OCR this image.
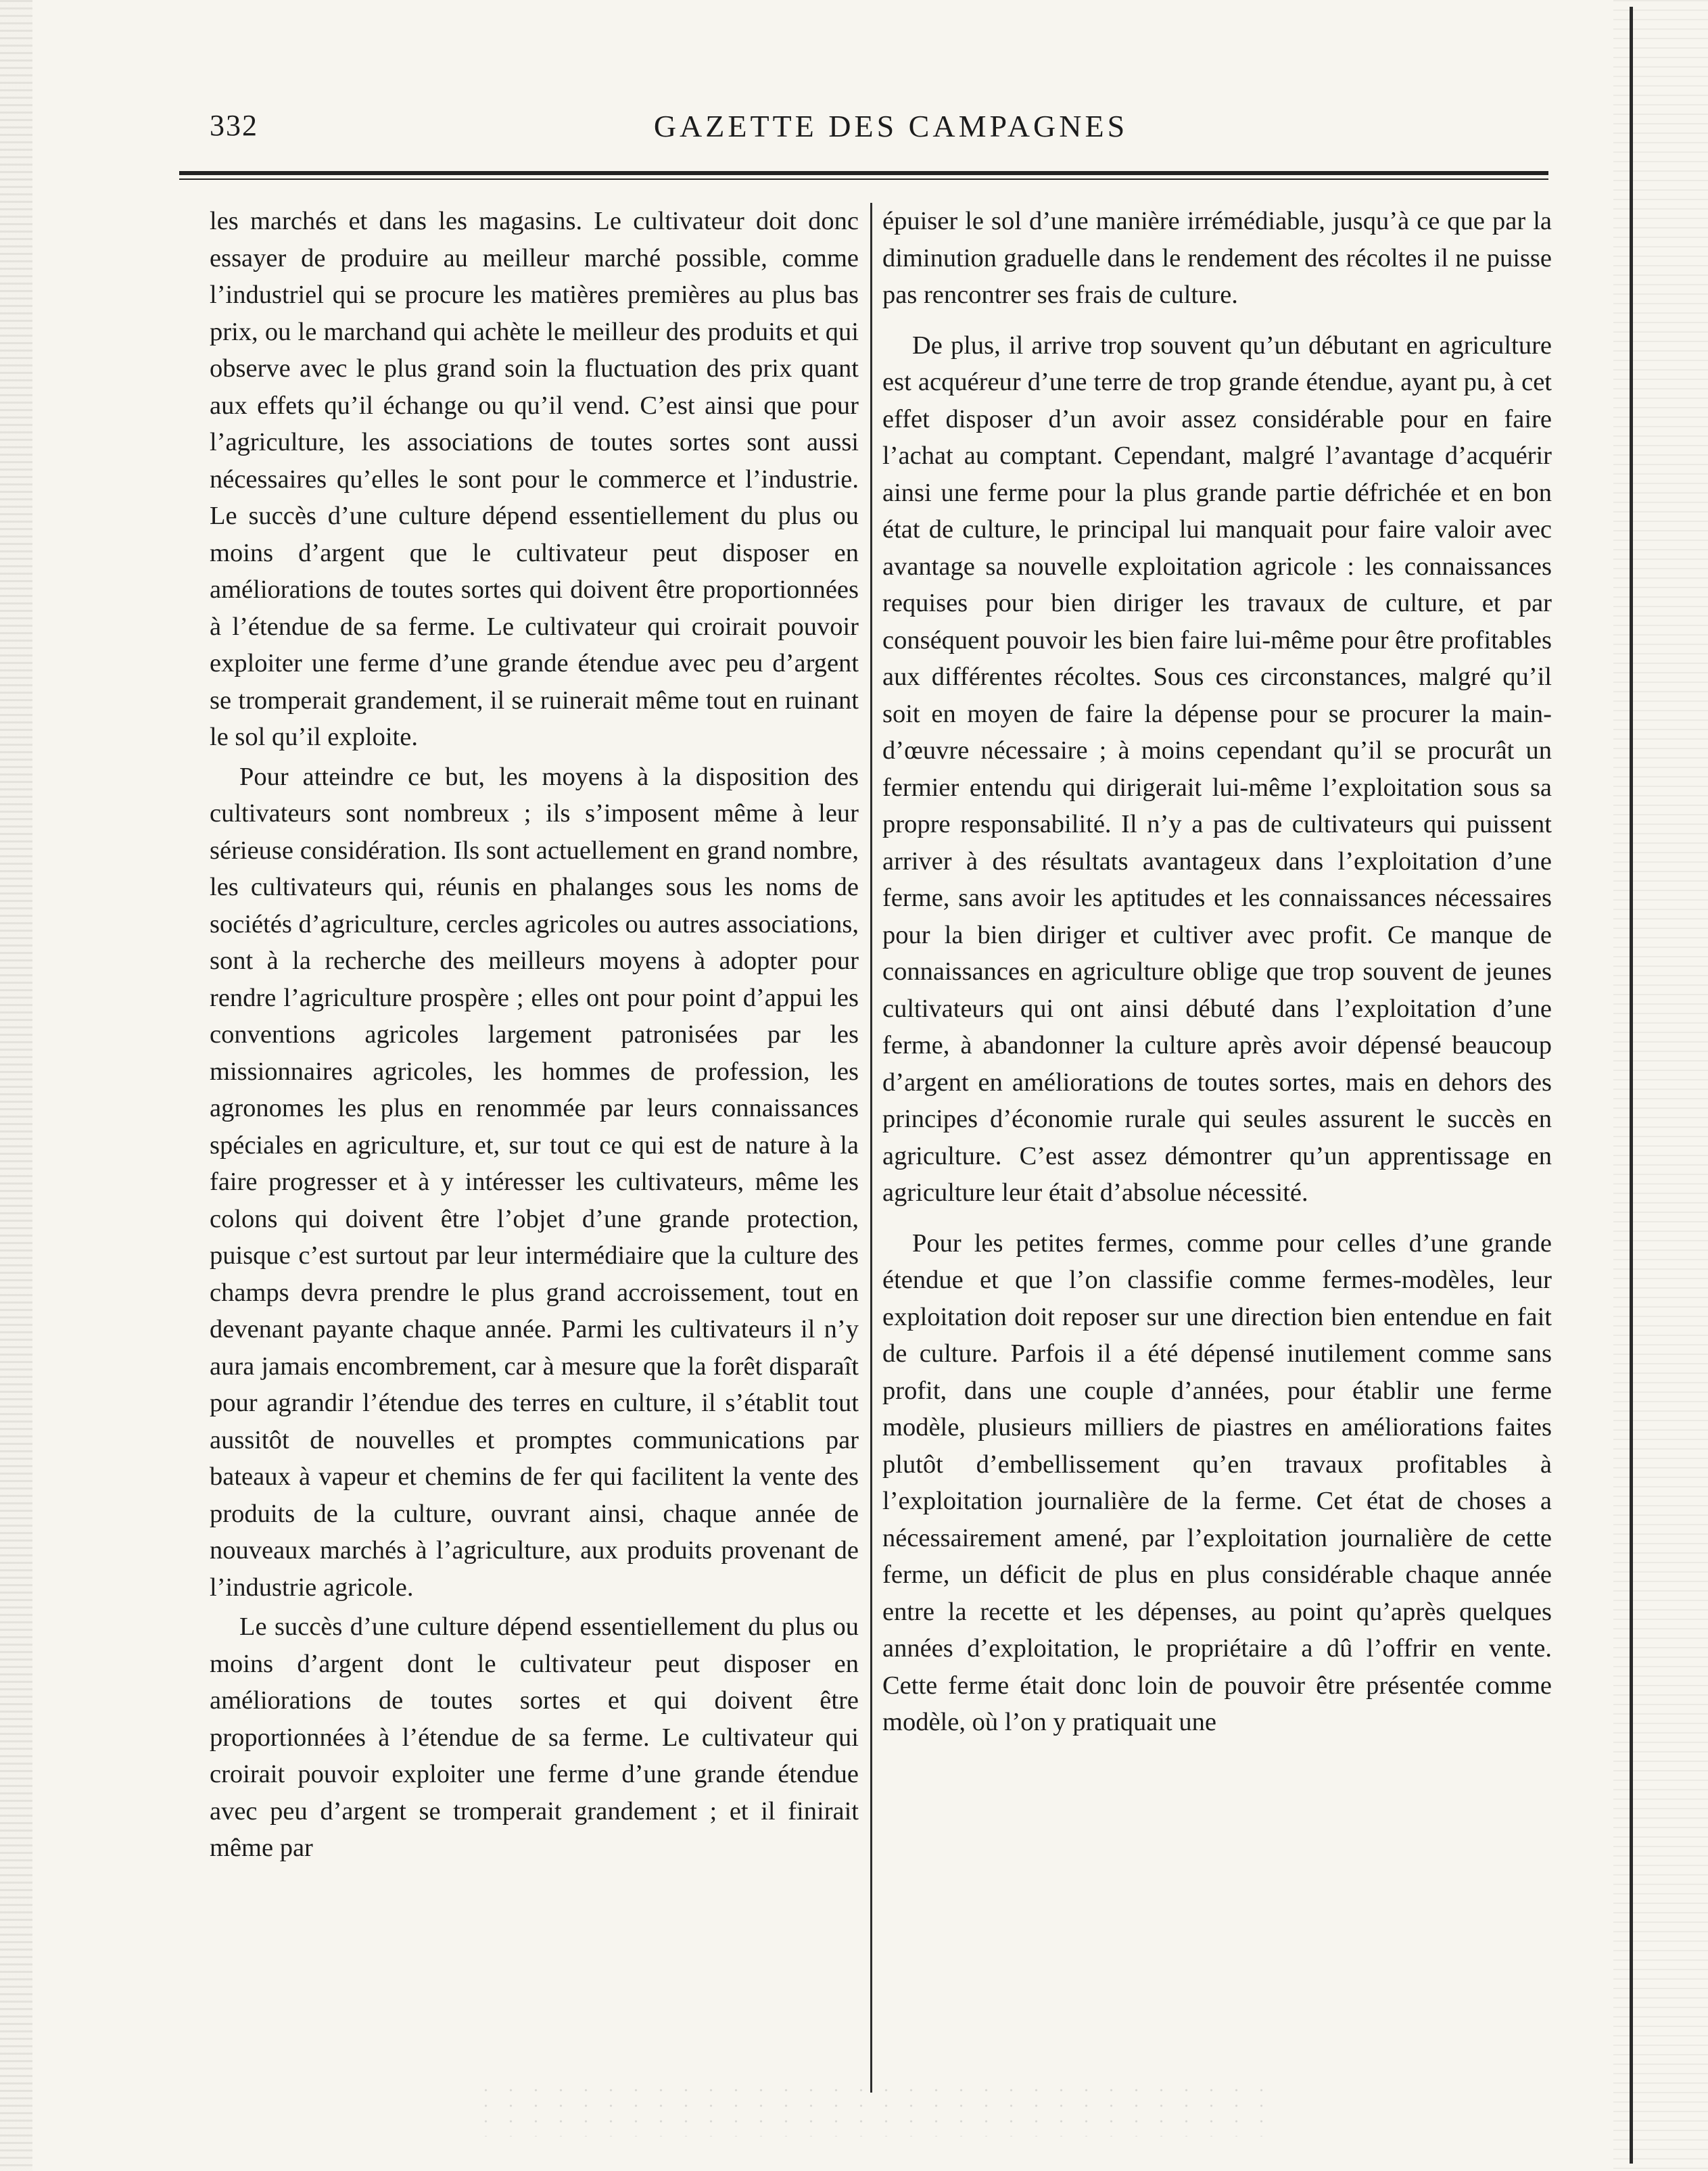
332	GAZETTE DES CAMPAGNES

les marchés et dans les magasins. Le cultivateur doit donc essayer de produire au meilleur marché possible, comme l’industriel qui se procure les matières premières au plus bas prix, ou le marchand qui achète le meilleur des produits et qui observe avec le plus grand soin la fluctuation des prix quant aux effets qu’il échange ou qu’il vend. C’est ainsi que pour l’agriculture, les associations de toutes sortes sont aussi nécessaires qu’elles le sont pour le commerce et l’industrie. Le succès d’une culture dépend essentiellement du plus ou moins d’argent que le cultivateur peut disposer en améliorations de toutes sortes qui doivent être proportionnées à l’étendue de sa ferme. Le cultivateur qui croirait pouvoir exploiter une ferme d’une grande étendue avec peu d’argent se tromperait grandement, il se ruinerait même tout en ruinant le sol qu’il exploite.

Pour atteindre ce but, les moyens à la disposition des cultivateurs sont nombreux ; ils s’imposent même à leur sérieuse considération. Ils sont actuellement en grand nombre, les cultivateurs qui, réunis en phalanges sous les noms de sociétés d’agriculture, cercles agricoles ou autres associations, sont à la recherche des meilleurs moyens à adopter pour rendre l’agriculture prospère ; elles ont pour point d’appui les conventions agricoles largement patronisées par les missionnaires agricoles, les hommes de profession, les agronomes les plus en renommée par leurs connaissances spéciales en agriculture, et, sur tout ce qui est de nature à la faire progresser et à y intéresser les cultivateurs, même les colons qui doivent être l’objet d’une grande protection, puisque c’est surtout par leur intermédiaire que la culture des champs devra prendre le plus grand accroissement, tout en devenant payante chaque année. Parmi les cultivateurs il n’y aura jamais encombrement, car à mesure que la forêt disparaît pour agrandir l’étendue des terres en culture, il s’établit tout aussitôt de nouvelles et promptes communications par bateaux à vapeur et chemins de fer qui facilitent la vente des produits de la culture, ouvrant ainsi, chaque année de nouveaux marchés à l’agriculture, aux produits provenant de l’industrie agricole.

Le succès d’une culture dépend essentiellement du plus ou moins d’argent dont le cultivateur peut disposer en améliorations de toutes sortes et qui doivent être proportionnées à l’étendue de sa ferme. Le cultivateur qui croirait pouvoir exploiter une ferme d’une grande étendue avec peu d’argent se tromperait grandement ; et il finirait même par

épuiser le sol d’une manière irrémédiable, jusqu’à ce que par la diminution graduelle dans le rendement des récoltes il ne puisse pas rencontrer ses frais de culture.

De plus, il arrive trop souvent qu’un débutant en agriculture est acquéreur d’une terre de trop grande étendue, ayant pu, à cet effet disposer d’un avoir assez considérable pour en faire l’achat au comptant. Cependant, malgré l’avantage d’acquérir ainsi une ferme pour la plus grande partie défrichée et en bon état de culture, le principal lui manquait pour faire valoir avec avantage sa nouvelle exploitation agricole : les connaissances requises pour bien diriger les travaux de culture, et par conséquent pouvoir les bien faire lui-même pour être profitables aux différentes récoltes. Sous ces circonstances, malgré qu’il soit en moyen de faire la dépense pour se procurer la main-d’œuvre nécessaire ; à moins cependant qu’il se procurât un fermier entendu qui dirigerait lui-même l’exploitation sous sa propre responsabilité. Il n’y a pas de cultivateurs qui puissent arriver à des résultats avantageux dans l’exploitation d’une ferme, sans avoir les aptitudes et les connaissances nécessaires pour la bien diriger et cultiver avec profit. Ce manque de connaissances en agriculture oblige que trop souvent de jeunes cultivateurs qui ont ainsi débuté dans l’exploitation d’une ferme, à abandonner la culture après avoir dépensé beaucoup d’argent en améliorations de toutes sortes, mais en dehors des principes d’économie rurale qui seules assurent le succès en agriculture. C’est assez démontrer qu’un apprentissage en agriculture leur était d’absolue nécessité.

Pour les petites fermes, comme pour celles d’une grande étendue et que l’on classifie comme fermes-modèles, leur exploitation doit reposer sur une direction bien entendue en fait de culture. Parfois il a été dépensé inutilement comme sans profit, dans une couple d’années, pour établir une ferme modèle, plusieurs milliers de piastres en améliorations faites plutôt d’embellissement qu’en travaux profitables à l’exploitation journalière de la ferme. Cet état de choses a nécessairement amené, par l’exploitation journalière de cette ferme, un déficit de plus en plus considérable chaque année entre la recette et les dépenses, au point qu’après quelques années d’exploitation, le propriétaire a dû l’offrir en vente. Cette ferme était donc loin de pouvoir être présentée comme modèle, où l’on y pratiquait une
